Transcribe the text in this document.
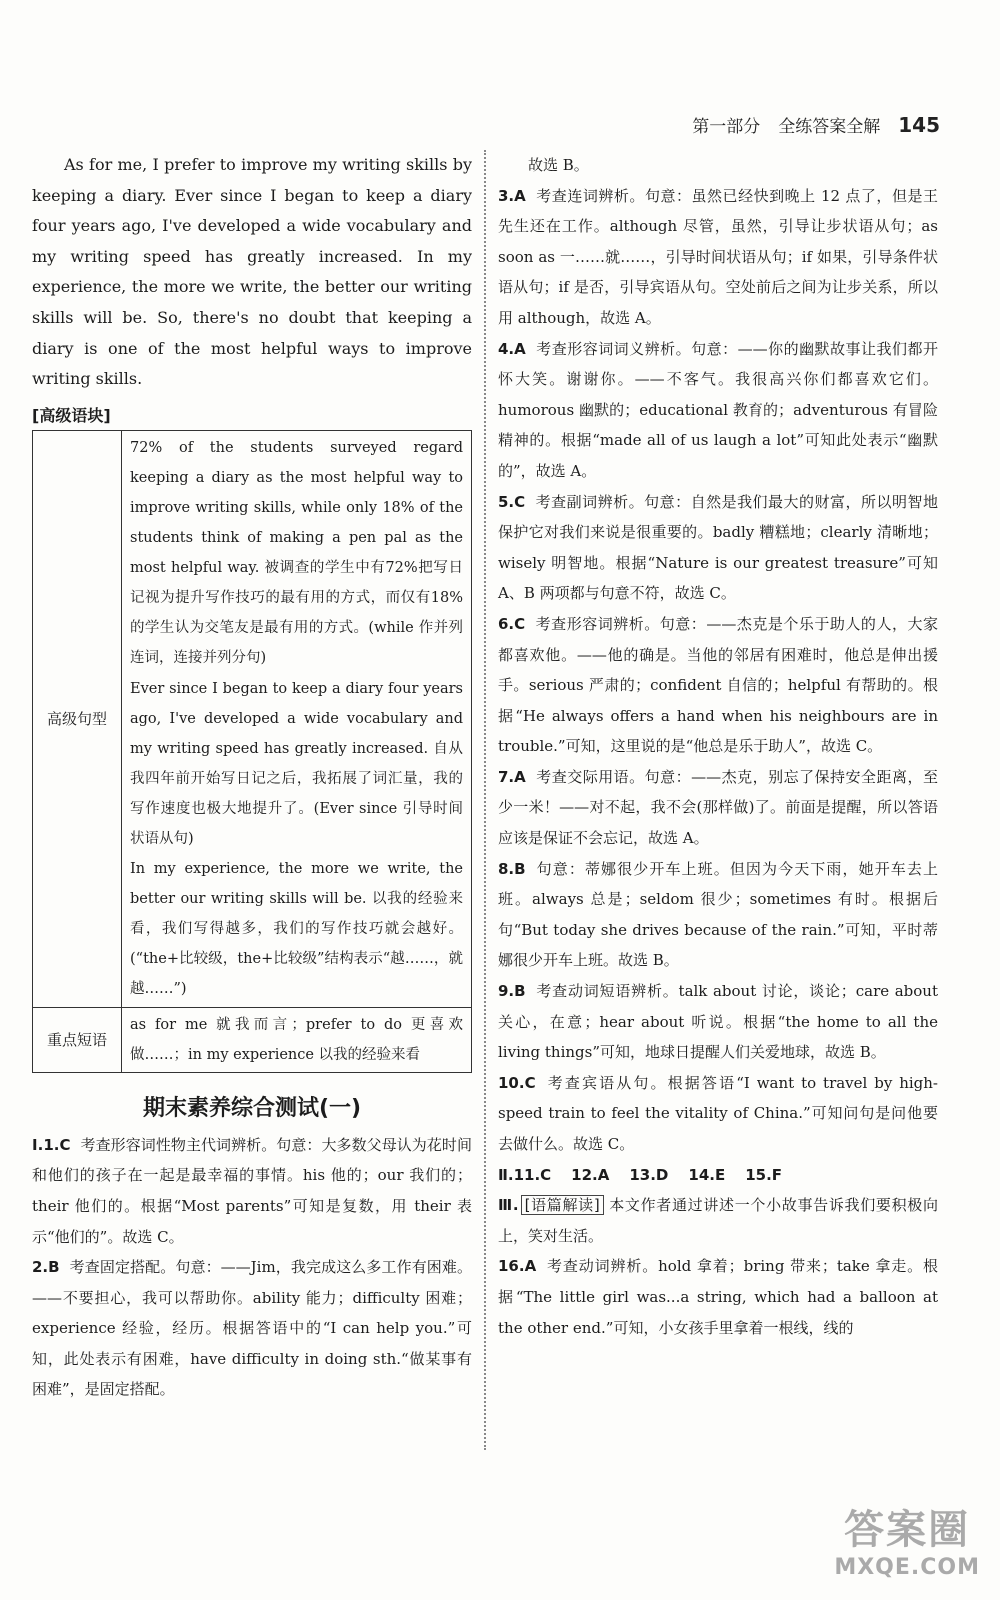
第一部分 全练答案全解 145

As for me, I prefer to improve my writing skills by keeping a diary. Ever since I began to keep a diary four years ago, I've developed a wide vocabulary and my writing speed has greatly increased. In my experience, the more we write, the better our writing skills will be. So, there's no doubt that keeping a diary is one of the most helpful ways to improve writing skills.

[高级语块]
高级句型	72% of the students surveyed regard keeping a diary as the most helpful way to improve writing skills, while only 18% of the students think of making a pen pal as the most helpful way. 被调查的学生中有72%把写日记视为提升写作技巧的最有用的方式，而仅有18%的学生认为交笔友是最有用的方式。(while 作并列连词，连接并列分句)
Ever since I began to keep a diary four years ago, I've developed a wide vocabulary and my writing speed has greatly increased. 自从我四年前开始写日记之后，我拓展了词汇量，我的写作速度也极大地提升了。(Ever since 引导时间状语从句)
In my experience, the more we write, the better our writing skills will be. 以我的经验来看，我们写得越多，我们的写作技巧就会越好。(“the+比较级，the+比较级”结构表示“越……，就越……”)

重点短语	as for me 就我而言；prefer to do 更喜欢做……；in my experience 以我的经验来看
期末素养综合测试(一)

Ⅰ.1.C 考查形容词性物主代词辨析。句意：大多数父母认为花时间和他们的孩子在一起是最幸福的事情。his 他的；our 我们的；their 他们的。根据“Most parents”可知是复数，用 their 表示“他们的”。故选 C。

2.B 考查固定搭配。句意：——Jim，我完成这么多工作有困难。——不要担心，我可以帮助你。ability 能力；difficulty 困难；experience 经验，经历。根据答语中的“I can help you.”可知，此处表示有困难，have difficulty in doing sth.“做某事有困难”，是固定搭配。

故选 B。

3.A 考查连词辨析。句意：虽然已经快到晚上 12 点了，但是王先生还在工作。although 尽管，虽然，引导让步状语从句；as soon as 一……就……，引导时间状语从句；if 如果，引导条件状语从句；if 是否，引导宾语从句。空处前后之间为让步关系，所以用 although，故选 A。

4.A 考查形容词词义辨析。句意：——你的幽默故事让我们都开怀大笑。谢谢你。——不客气。我很高兴你们都喜欢它们。humorous 幽默的；educational 教育的；adventurous 有冒险精神的。根据“made all of us laugh a lot”可知此处表示“幽默的”，故选 A。

5.C 考查副词辨析。句意：自然是我们最大的财富，所以明智地保护它对我们来说是很重要的。badly 糟糕地；clearly 清晰地；wisely 明智地。根据“Nature is our greatest treasure”可知 A、B 两项都与句意不符，故选 C。

6.C 考查形容词辨析。句意：——杰克是个乐于助人的人，大家都喜欢他。——他的确是。当他的邻居有困难时，他总是伸出援手。serious 严肃的；confident 自信的；helpful 有帮助的。根据“He always offers a hand when his neighbours are in trouble.”可知，这里说的是“他总是乐于助人”，故选 C。

7.A 考查交际用语。句意：——杰克，别忘了保持安全距离，至少一米！——对不起，我不会(那样做)了。前面是提醒，所以答语应该是保证不会忘记，故选 A。

8.B 句意：蒂娜很少开车上班。但因为今天下雨，她开车去上班。always 总是；seldom 很少；sometimes 有时。根据后句“But today she drives because of the rain.”可知，平时蒂娜很少开车上班。故选 B。

9.B 考查动词短语辨析。talk about 讨论，谈论；care about 关心，在意；hear about 听说。根据“the home to all the living things”可知，地球日提醒人们关爱地球，故选 B。

10.C 考查宾语从句。根据答语“I want to travel by high-speed train to feel the vitality of China.”可知问句是问他要去做什么。故选 C。

Ⅱ.11.C 12.A 13.D 14.E 15.F

Ⅲ. [语篇解读] 本文作者通过讲述一个小故事告诉我们要积极向上，笑对生活。

16.A 考查动词辨析。hold 拿着；bring 带来；take 拿走。根据“The little girl was...a string, which had a balloon at the other end.”可知，小女孩手里拿着一根线，线的

答案圈
MXQE.COM
